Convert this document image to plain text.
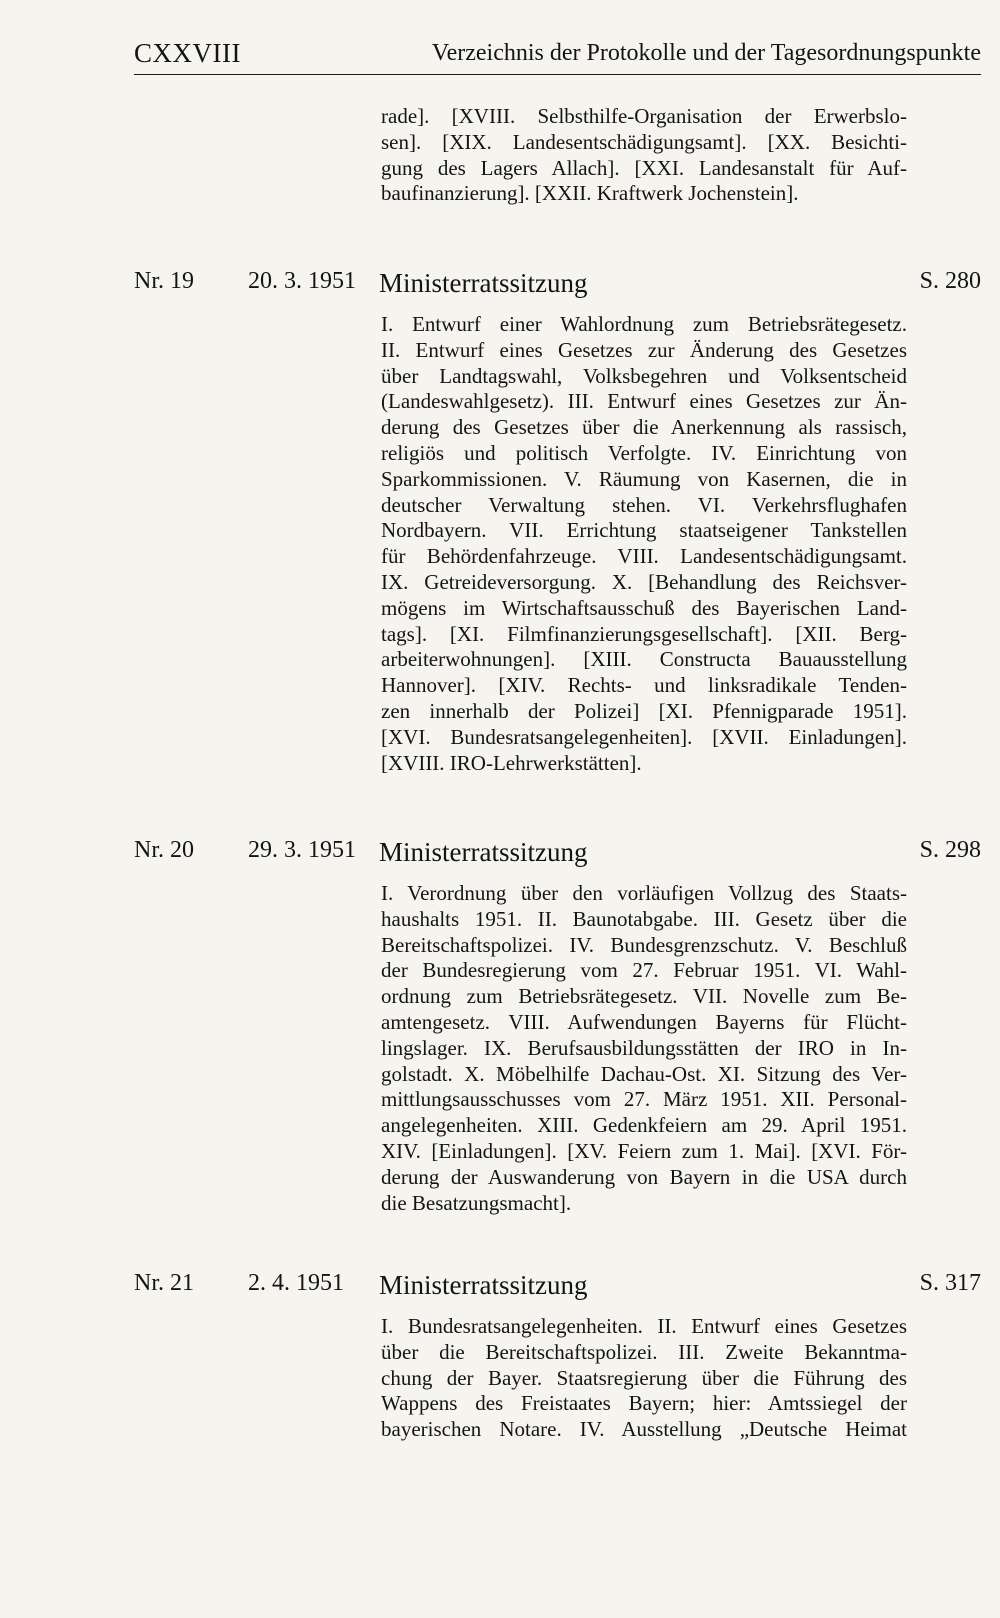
CXXVIII	Verzeichnis der Protokolle und der Tagesordnungspunkte
rade]. [XVIII. Selbsthilfe-Organisation der Erwerbslo-
sen]. [XIX. Landesentschädigungsamt]. [XX. Besichti-
gung des Lagers Allach]. [XXI. Landesanstalt für Auf-
baufinanzierung]. [XXII. Kraftwerk Jochenstein].
Nr. 19 20. 3. 1951 Ministerratssitzung	S. 280
I. Entwurf einer Wahlordnung zum Betriebsrätegesetz.
II. Entwurf eines Gesetzes zur Änderung des Gesetzes
über Landtagswahl, Volksbegehren und Volksentscheid
(Landeswahlgesetz). III. Entwurf eines Gesetzes zur Än-
derung des Gesetzes über die Anerkennung als rassisch,
religiös und politisch Verfolgte. IV. Einrichtung von
Sparkommissionen. V. Räumung von Kasernen, die in
deutscher Verwaltung stehen. VI. Verkehrsflughafen
Nordbayern. VII. Errichtung staatseigener Tankstellen
für Behördenfahrzeuge. VIII. Landesentschädigungsamt.
IX. Getreideversorgung. X. [Behandlung des Reichsver-
mögens im Wirtschaftsausschuß des Bayerischen Land-
tags]. [XI. Filmfinanzierungsgesellschaft]. [XII. Berg-
arbeiterwohnungen]. [XIII. Constructa Bauausstellung
Hannover]. [XIV. Rechts- und linksradikale Tenden-
zen innerhalb der Polizei] [XI. Pfennigparade 1951].
[XVI. Bundesratsangelegenheiten]. [XVII. Einladungen].
[XVIII. IRO-Lehrwerkstätten].
Nr. 20 29. 3. 1951 Ministerratssitzung	S. 298
I. Verordnung über den vorläufigen Vollzug des Staats-
haushalts 1951. II. Baunotabgabe. III. Gesetz über die
Bereitschaftspolizei. IV. Bundesgrenzschutz. V. Beschluß
der Bundesregierung vom 27. Februar 1951. VI. Wahl-
ordnung zum Betriebsrätegesetz. VII. Novelle zum Be-
amtengesetz. VIII. Aufwendungen Bayerns für Flücht-
lingslager. IX. Berufsausbildungsstätten der IRO in In-
golstadt. X. Möbelhilfe Dachau-Ost. XI. Sitzung des Ver-
mittlungsausschusses vom 27. März 1951. XII. Personal-
angelegenheiten. XIII. Gedenkfeiern am 29. April 1951.
XIV. [Einladungen]. [XV. Feiern zum 1. Mai]. [XVI. För-
derung der Auswanderung von Bayern in die USA durch
die Besatzungsmacht].
Nr. 21 2. 4. 1951 Ministerratssitzung	S. 317
I. Bundesratsangelegenheiten. II. Entwurf eines Gesetzes
über die Bereitschaftspolizei. III. Zweite Bekanntma-
chung der Bayer. Staatsregierung über die Führung des
Wappens des Freistaates Bayern; hier: Amtssiegel der
bayerischen Notare. IV. Ausstellung „Deutsche Heimat
